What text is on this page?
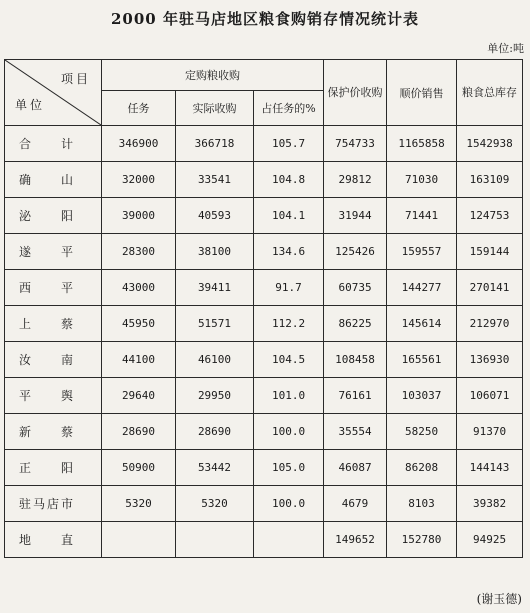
2000 年驻马店地区粮食购销存情况统计表
单位:吨
项目
单位	定购粮收购			保护价收购	顺价销售	粮食总库存
	任务	实际收购	占任务的%			
合　　计	346900	366718	105.7	754733	1165858	1542938
确　　山	32000	33541	104.8	29812	71030	163109
泌　　阳	39000	40593	104.1	31944	71441	124753
遂　　平	28300	38100	134.6	125426	159557	159144
西　　平	43000	39411	91.7	60735	144277	270141
上　　蔡	45950	51571	112.2	86225	145614	212970
汝　　南	44100	46100	104.5	108458	165561	136930
平　　舆	29640	29950	101.0	76161	103037	106071
新　　蔡	28690	28690	100.0	35554	58250	91370
正　　阳	50900	53442	105.0	46087	86208	144143
驻马店市	5320	5320	100.0	4679	8103	39382
地　　直				149652	152780	94925
(谢玉德)
